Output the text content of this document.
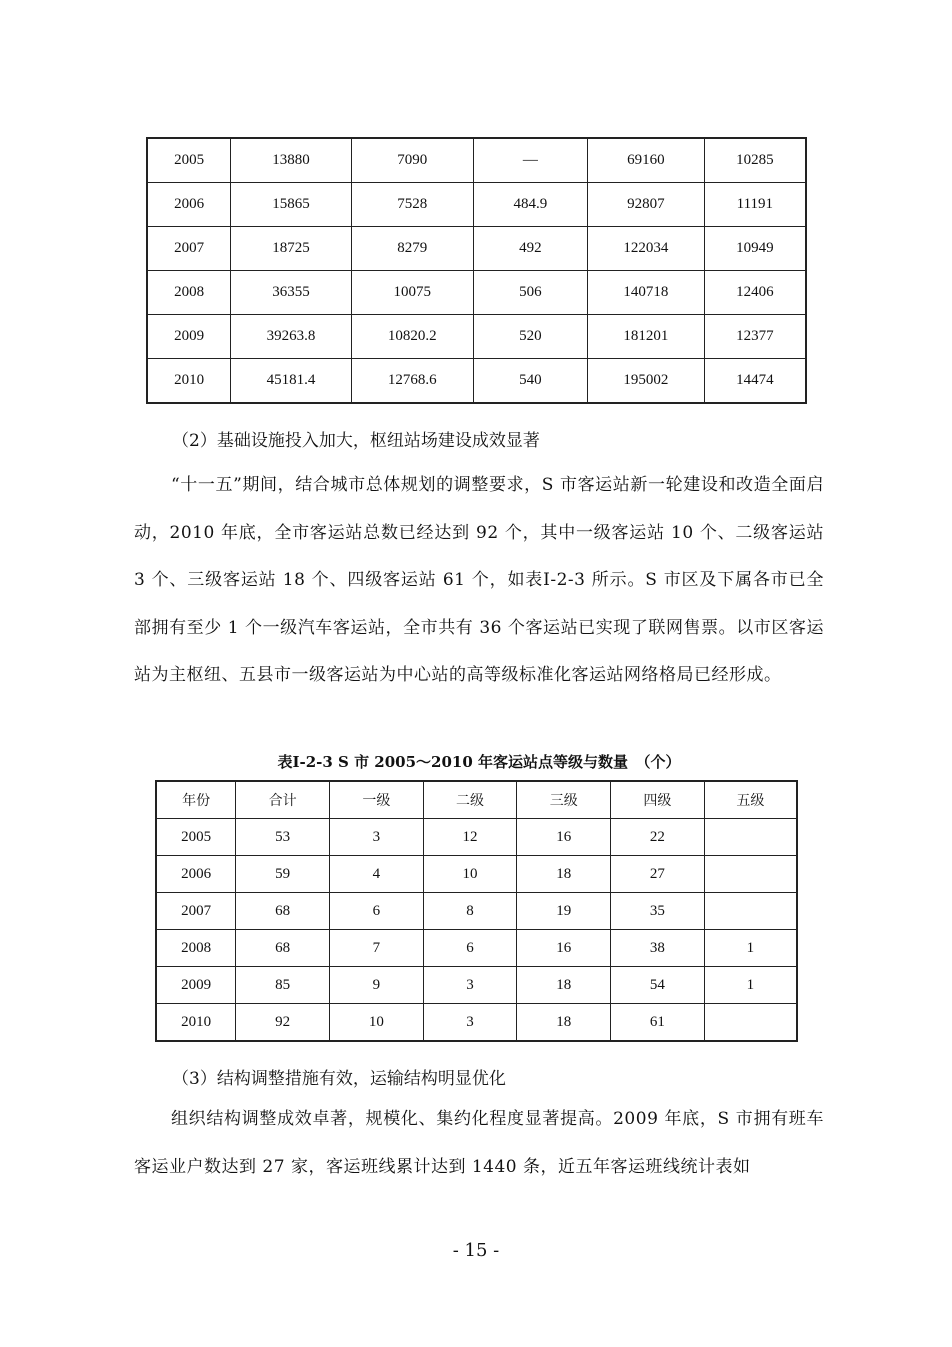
2005	13880	7090	—	69160	10285
2006	15865	7528	484.9	92807	11191
2007	18725	8279	492	122034	10949
2008	36355	10075	506	140718	12406
2009	39263.8	10820.2	520	181201	12377
2010	45181.4	12768.6	540	195002	14474
（2）基础设施投入加大，枢纽站场建设成效显著
“十一五”期间，结合城市总体规划的调整要求，S 市客运站新一轮建设和改造全面启动，2010 年底，全市客运站总数已经达到 92 个，其中一级客运站 10 个、二级客运站 3 个、三级客运站 18 个、四级客运站 61 个，如表I-2-3 所示。S 市区及下属各市已全部拥有至少 1 个一级汽车客运站，全市共有 36 个客运站已实现了联网售票。以市区客运站为主枢纽、五县市一级客运站为中心站的高等级标准化客运站网络格局已经形成。
表I-2-3 S 市 2005～2010 年客运站点等级与数量　（个）
年份	合计	一级	二级	三级	四级	五级
2005	53	3	12	16	22	
2006	59	4	10	18	27	
2007	68	6	8	19	35	
2008	68	7	6	16	38	1
2009	85	9	3	18	54	1
2010	92	10	3	18	61	
（3）结构调整措施有效，运输结构明显优化
组织结构调整成效卓著，规模化、集约化程度显著提高。2009 年底，S 市拥有班车客运业户数达到 27 家，客运班线累计达到 1440 条，近五年客运班线统计表如
- 15 -
